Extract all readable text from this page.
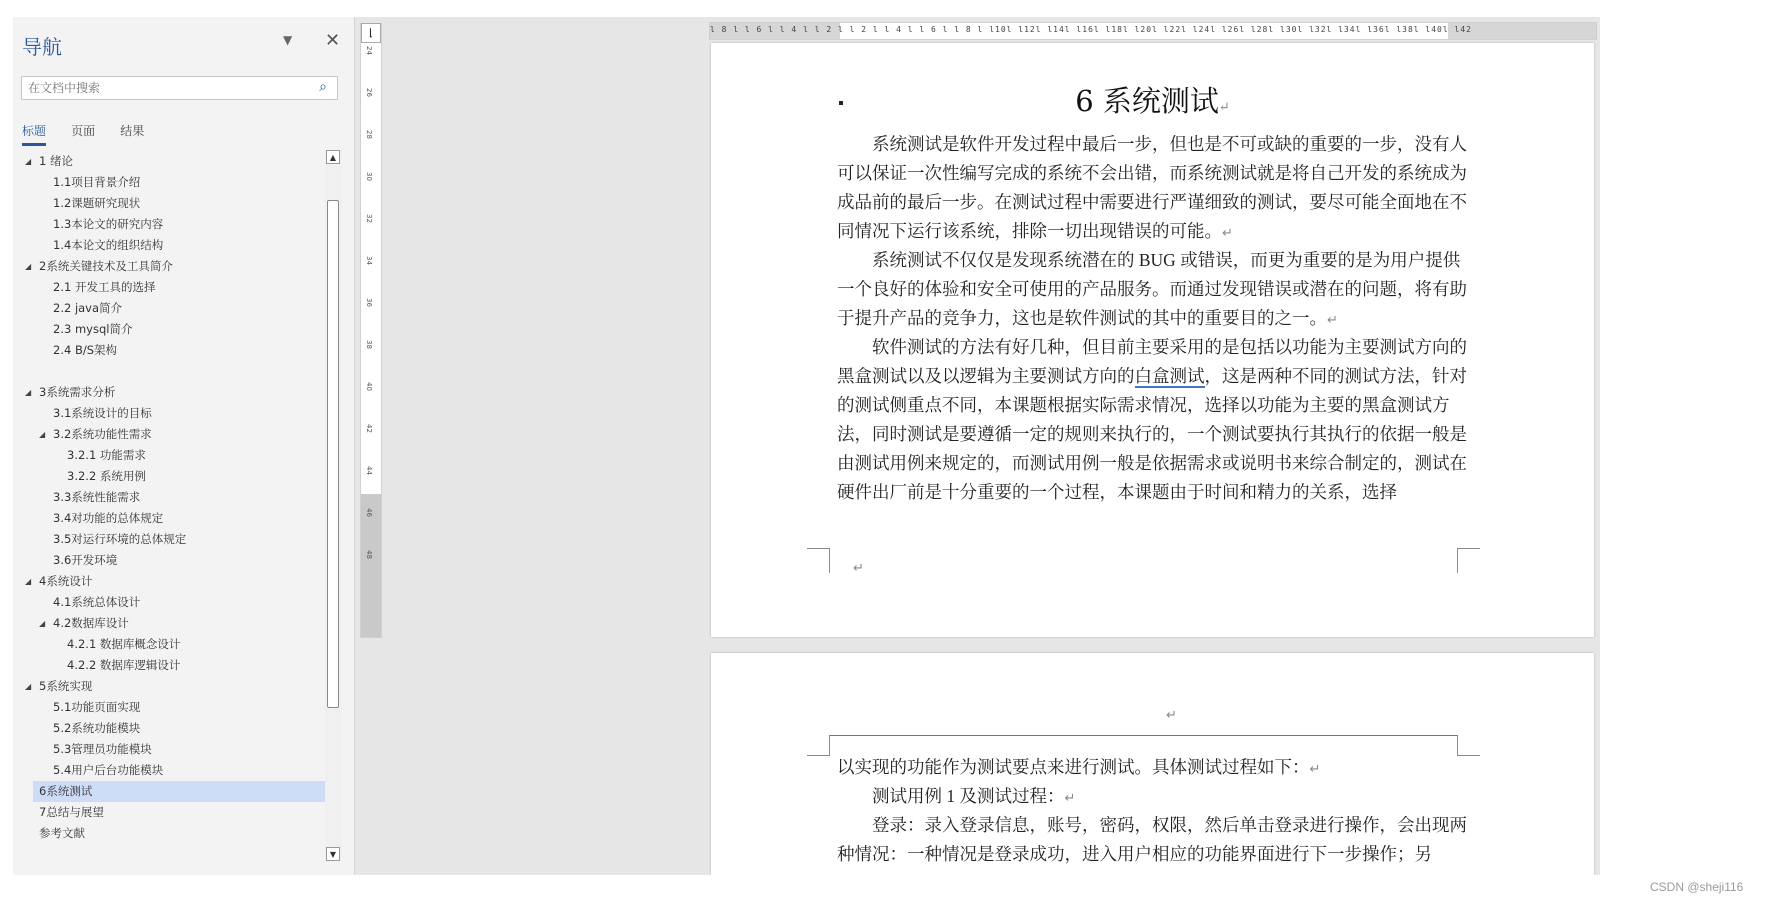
导航	▼ ✕
在文档中搜索
⌕
标题 页面 结果
◢ 1 绪论
1.1项目背景介绍
1.2课题研究现状
1.3本论文的研究内容
1.4本论文的组织结构
◢ 2系统关键技术及工具简介
2.1 开发工具的选择
2.2 java简介
2.3 mysql简介
2.4 B/S架构
◢ 3系统需求分析
3.1系统设计的目标
◢ 3.2系统功能性需求
3.2.1 功能需求
3.2.2 系统用例
3.3系统性能需求
3.4对功能的总体规定
3.5对运行环境的总体规定
3.6开发环境
◢ 4系统设计
4.1系统总体设计
◢ 4.2数据库设计
4.2.1 数据库概念设计
4.2.2 数据库逻辑设计
◢ 5系统实现
5.1功能页面实现
5.2系统功能模块
5.3管理员功能模块
5.4用户后台功能模块
6系统测试
7总结与展望
参考文献
▲
▼
24
26
28
30
32
34
36
38
40
42
44
46
48
⌊	l 8 l l 6 l l 4 l l 2 l l 2 l l 4 l l 6 l l 8 l l10l l12l l14l l16l l18l l20l l22l l24l l26l l28l l30l l32l l34l l36l l38l l40l l42
6 系统测试↵

系统测试是软件开发过程中最后一步，但也是不可或缺的重要的一步，没有人可以保证一次性编写完成的系统不会出错，而系统测试就是将自己开发的系统成为成品前的最后一步。在测试过程中需要进行严谨细致的测试，要尽可能全面地在不同情况下运行该系统，排除一切出现错误的可能。↵

系统测试不仅仅是发现系统潜在的 BUG 或错误，而更为重要的是为用户提供一个良好的体验和安全可使用的产品服务。而通过发现错误或潜在的问题，将有助于提升产品的竞争力，这也是软件测试的其中的重要目的之一。↵

软件测试的方法有好几种，但目前主要采用的是包括以功能为主要测试方向的黑盒测试以及以逻辑为主要测试方向的白盒测试，这是两种不同的测试方法，针对的测试侧重点不同，本课题根据实际需求情况，选择以功能为主要的黑盒测试方法，同时测试是要遵循一定的规则来执行的，一个测试要执行其执行的依据一般是由测试用例来规定的，而测试用例一般是依据需求或说明书来综合制定的，测试在硬件出厂前是十分重要的一个过程，本课题由于时间和精力的关系，选择

↵
↵

以实现的功能作为测试要点来进行测试。具体测试过程如下：↵

测试用例 1 及测试过程：↵

登录：录入登录信息，账号，密码，权限，然后单击登录进行操作，会出现两种情况：一种情况是登录成功，进入用户相应的功能界面进行下一步操作；另

CSDN @sheji116
